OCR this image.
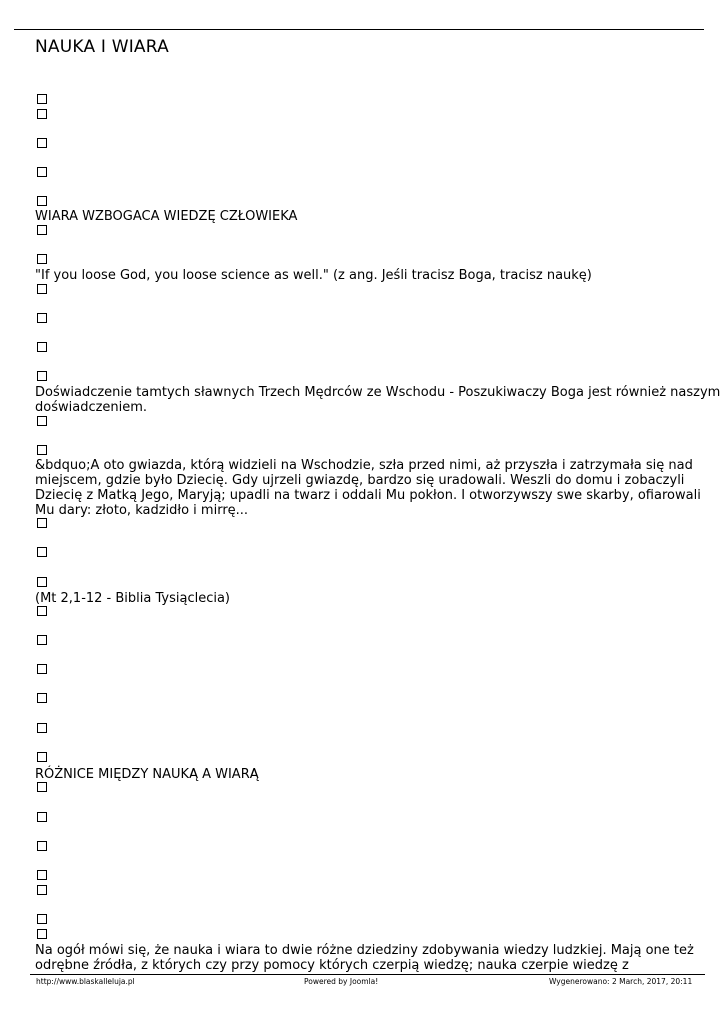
NAUKA I WIARA
WIARA WZBOGACA WIEDZĘ CZŁOWIEKA
"If you loose God, you loose science as well." (z ang. Jeśli tracisz Boga, tracisz naukę)
Doświadczenie tamtych sławnych Trzech Mędrców ze Wschodu - Poszukiwaczy Boga jest również naszym
doświadczeniem.
&bdquo;A oto gwiazda, którą widzieli na Wschodzie, szła przed nimi, aż przyszła i zatrzymała się nad
miejscem, gdzie było Dziecię. Gdy ujrzeli gwiazdę, bardzo się uradowali. Weszli do domu i zobaczyli
Dziecię z Matką Jego, Maryją; upadli na twarz i oddali Mu pokłon. I otworzywszy swe skarby, ofiarowali
Mu dary: złoto, kadzidło i mirrę...
(Mt 2,1-12 - Biblia Tysiąclecia)
RÓŻNICE MIĘDZY NAUKĄ A WIARĄ
Na ogół mówi się, że nauka i wiara to dwie różne dziedziny zdobywania wiedzy ludzkiej. Mają one też
odrębne źródła, z których czy przy pomocy których czerpią wiedzę; nauka czerpie wiedzę z
http://www.blaskalleluja.pl	Powered by Joomla!	Wygenerowano: 2 March, 2017, 20:11
